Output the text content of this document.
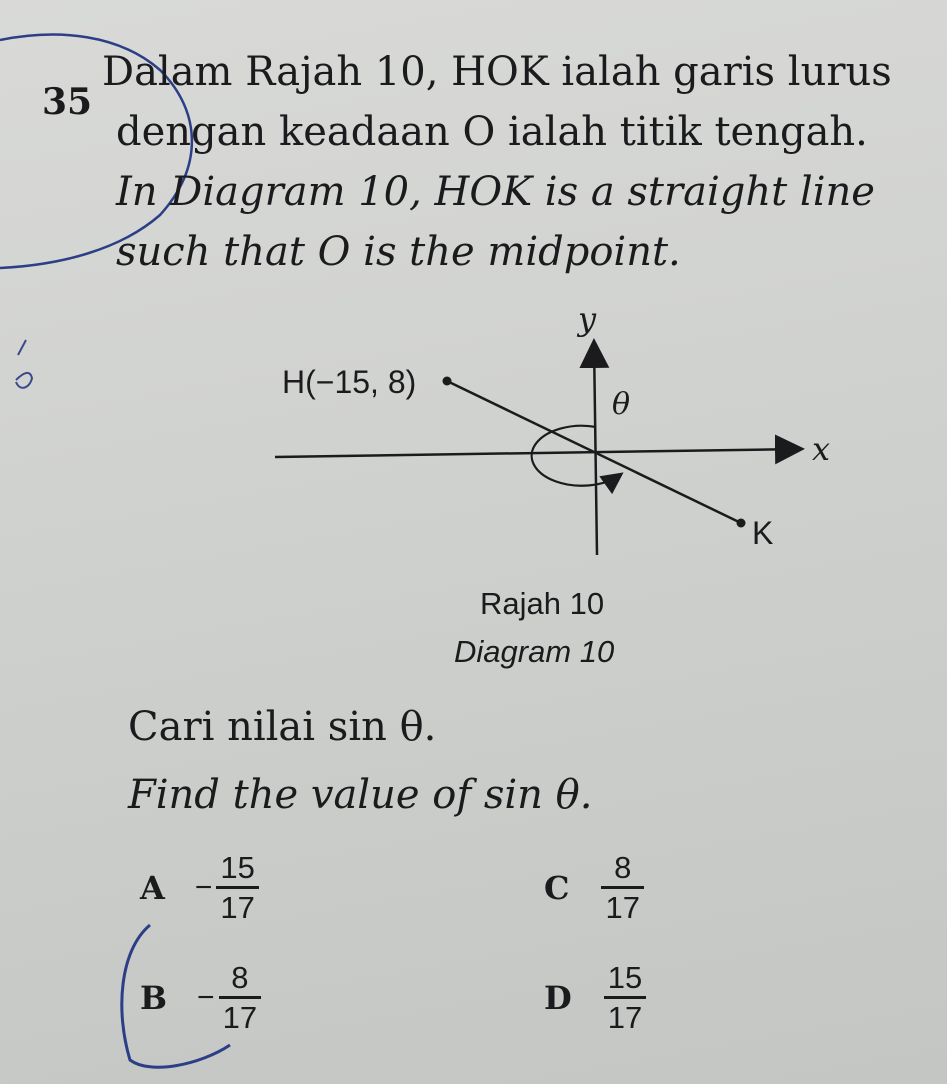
35
Dalam Rajah 10, HOK ialah garis lurus
dengan keadaan O ialah titik tengah.
In Diagram 10, HOK is a straight line
such that O is the midpoint.
H(−15, 8)
K
θ
x
y
Rajah 10
Diagram 10
Cari nilai sin θ.
Find the value of sin θ.
$A - \frac{15}{17}$
$B - \frac{8}{17}$
C $\frac{8}{17}$
D $\frac{15}{17}$
